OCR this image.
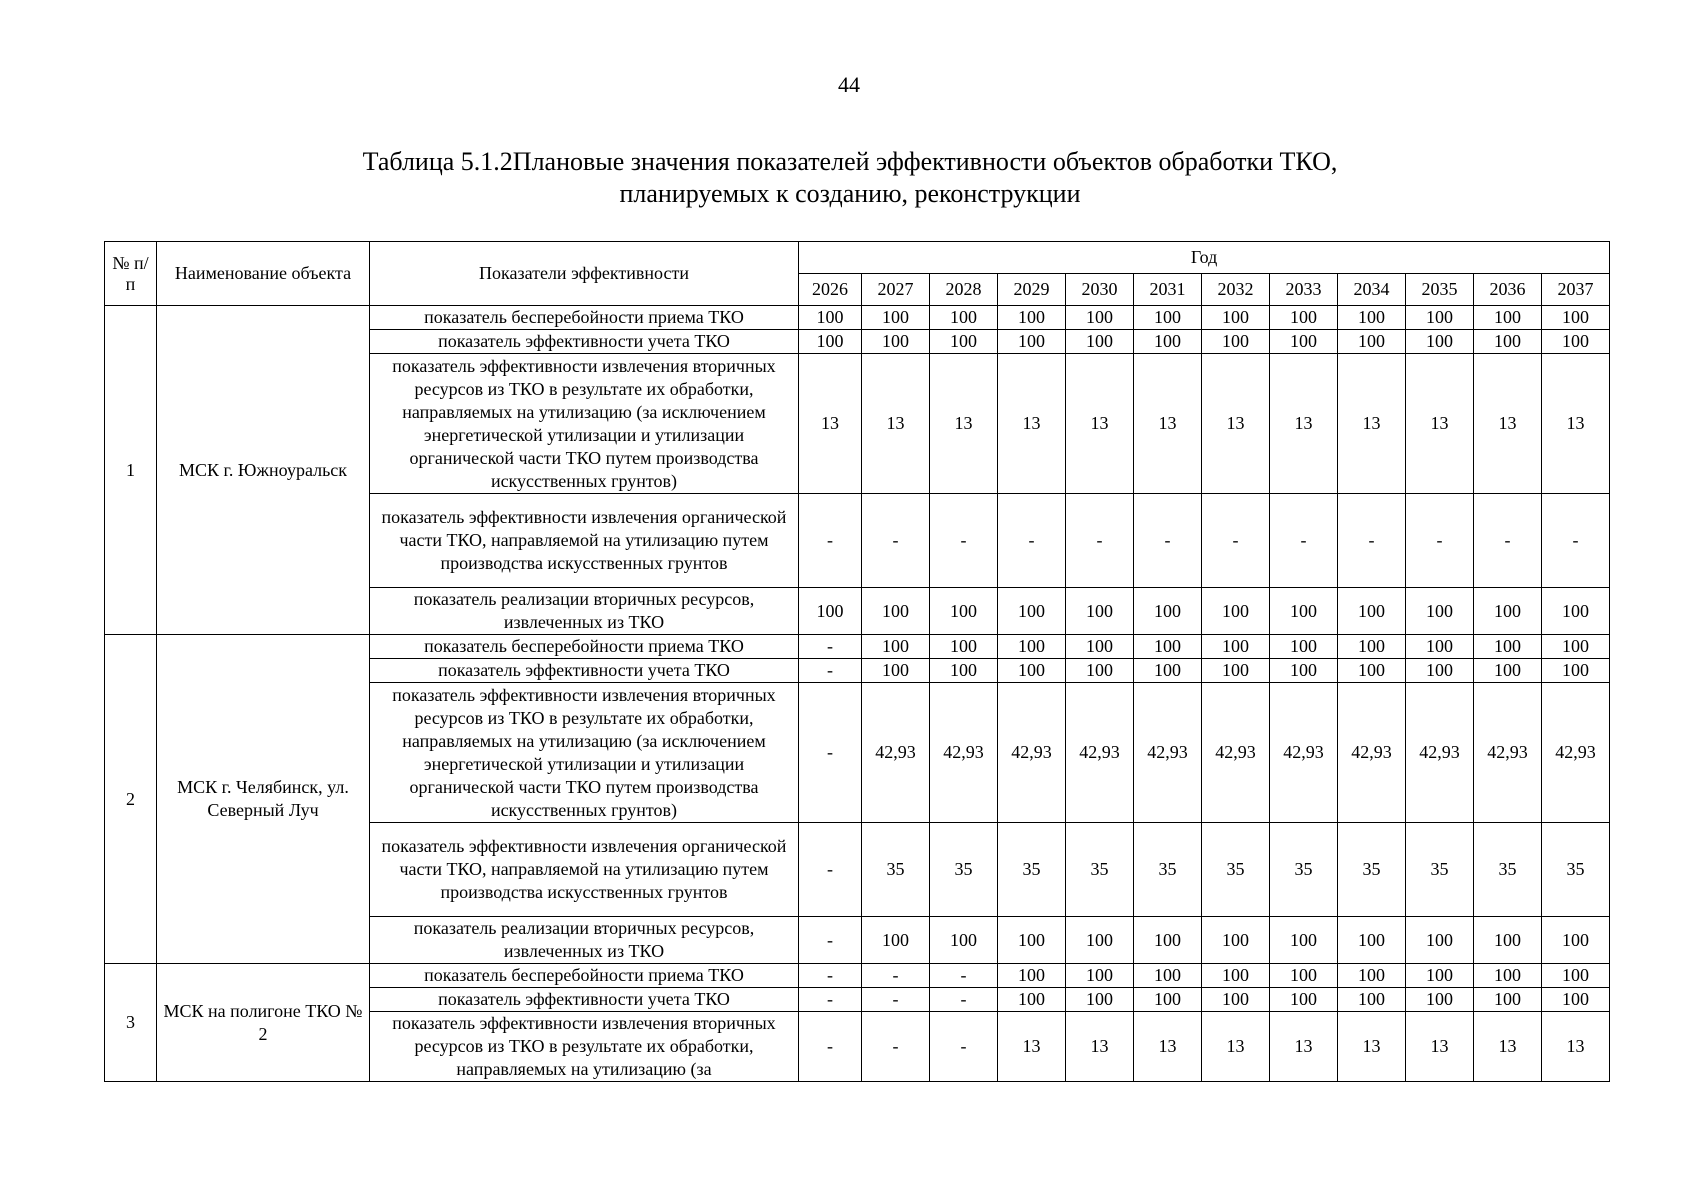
44
Таблица 5.1.2Плановые значения показателей эффективности объектов обработки ТКО,
планируемых к созданию, реконструкции
№ п/п	Наименование объекта	Показатели эффективности	Год											
			2026	2027	2028	2029	2030	2031	2032	2033	2034	2035	2036	2037
1	МСК г. Южноуральск	показатель бесперебойности приема ТКО	100	100	100	100	100	100	100	100	100	100	100	100
		показатель эффективности учета ТКО	100	100	100	100	100	100	100	100	100	100	100	100
		показатель эффективности извлечения вторичных ресурсов из ТКО в результате их обработки, направляемых на утилизацию (за исключением энергетической утилизации и утилизации органической части ТКО путем производства искусственных грунтов)	13	13	13	13	13	13	13	13	13	13	13	13
		показатель эффективности извлечения органической части ТКО, направляемой на утилизацию путем производства искусственных грунтов	-	-	-	-	-	-	-	-	-	-	-	-
		показатель реализации вторичных ресурсов, извлеченных из ТКО	100	100	100	100	100	100	100	100	100	100	100	100
2	МСК г. Челябинск, ул. Северный Луч	показатель бесперебойности приема ТКО	-	100	100	100	100	100	100	100	100	100	100	100
		показатель эффективности учета ТКО	-	100	100	100	100	100	100	100	100	100	100	100
		показатель эффективности извлечения вторичных ресурсов из ТКО в результате их обработки, направляемых на утилизацию (за исключением энергетической утилизации и утилизации органической части ТКО путем производства искусственных грунтов)	-	42,93	42,93	42,93	42,93	42,93	42,93	42,93	42,93	42,93	42,93	42,93
		показатель эффективности извлечения органической части ТКО, направляемой на утилизацию путем производства искусственных грунтов	-	35	35	35	35	35	35	35	35	35	35	35
		показатель реализации вторичных ресурсов, извлеченных из ТКО	-	100	100	100	100	100	100	100	100	100	100	100
3	МСК на полигоне ТКО № 2	показатель бесперебойности приема ТКО	-	-	-	100	100	100	100	100	100	100	100	100
		показатель эффективности учета ТКО	-	-	-	100	100	100	100	100	100	100	100	100
		показатель эффективности извлечения вторичных ресурсов из ТКО в результате их обработки, направляемых на утилизацию (за	-	-	-	13	13	13	13	13	13	13	13	13
